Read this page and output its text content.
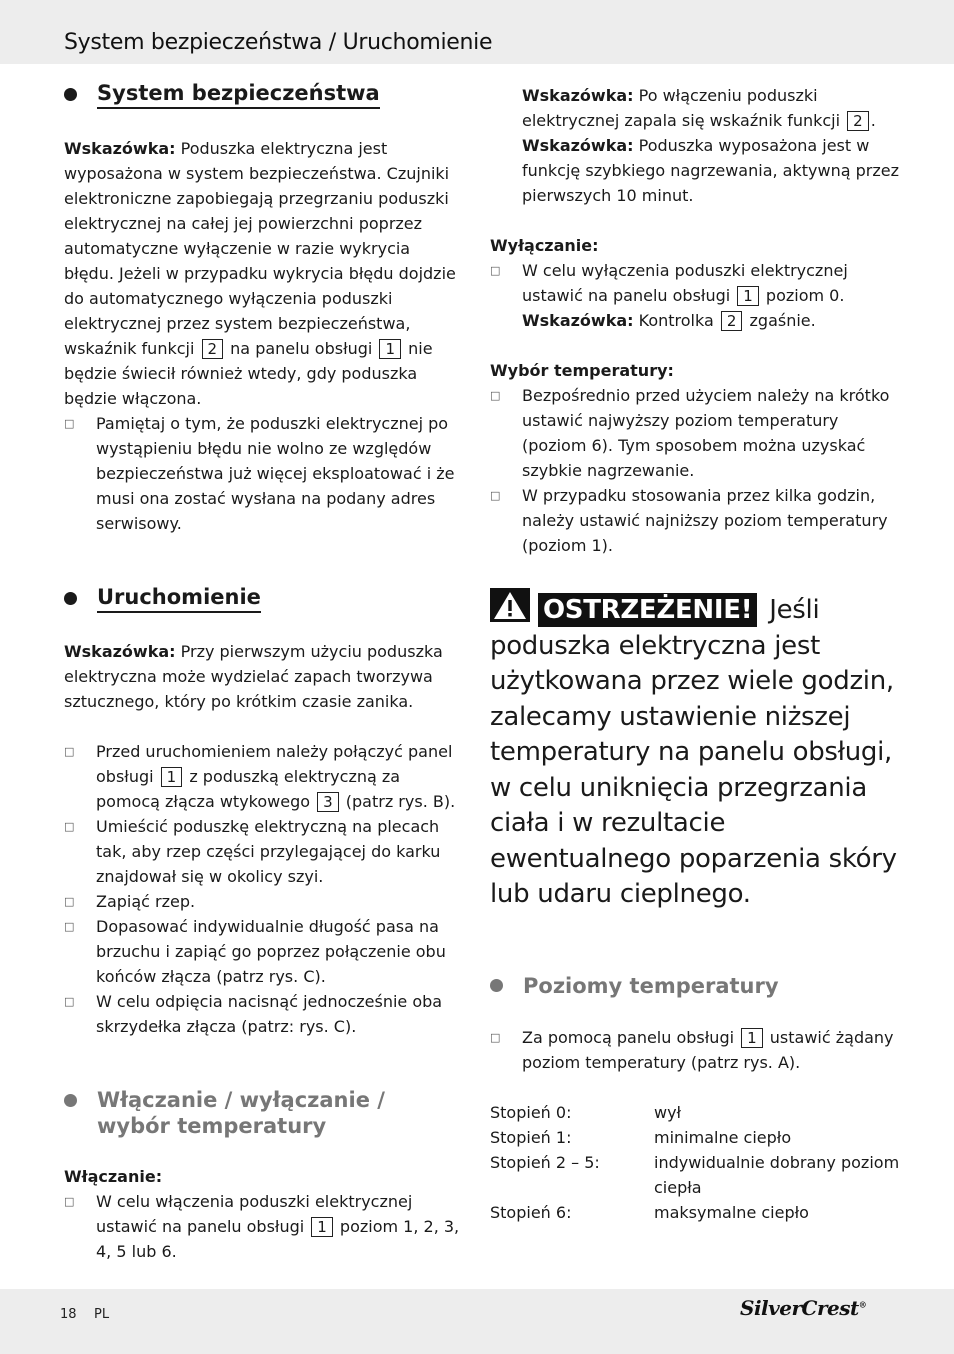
System bezpieczeństwa / Uruchomienie
System bezpieczeństwa

Wskazówka: Poduszka elektryczna jest wyposażona w system bezpieczeństwa. Czujniki elektroniczne zapobiegają przegrzaniu poduszki elektrycznej na całej jej powierzchni poprzez automatyczne wyłączenie w razie wykrycia błędu. Jeżeli w przypadku wykrycia błędu dojdzie do automatycznego wyłączenia poduszki elektrycznej przez system bezpieczeństwa, wskaźnik funkcji 2 na panelu obsługi 1 nie będzie świecił również wtedy, gdy poduszka będzie włączona.

□	Pamiętaj o tym, że poduszki elektrycznej po wystąpieniu błędu nie wolno ze względów bezpieczeństwa już więcej eksploatować i że musi ona zostać wysłana na podany adres serwisowy.
Uruchomienie

Wskazówka: Przy pierwszym użyciu poduszka elektryczna może wydzielać zapach tworzywa sztucznego, który po krótkim czasie zanika.

□	Przed uruchomieniem należy połączyć panel obsługi 1 z poduszką elektryczną za pomocą złącza wtykowego 3 (patrz rys. B).
□	Umieścić poduszkę elektryczną na plecach tak, aby rzep części przylegającej do karku znajdował się w okolicy szyi.
□	Zapiąć rzep.
□	Dopasować indywidualnie długość pasa na brzuchu i zapiąć go poprzez połączenie obu końców złącza (patrz rys. C).
□	W celu odpięcia nacisnąć jednocześnie oba skrzydełka złącza (patrz: rys. C).
Włączanie / wyłączanie /
wybór temperatury

Włączanie:

□	W celu włączenia poduszki elektrycznej ustawić na panelu obsługi 1 poziom 1, 2, 3, 4, 5 lub 6.

Wskazówka: Po włączeniu poduszki elektrycznej zapala się wskaźnik funkcji 2 .

Wskazówka: Poduszka wyposażona jest w funkcję szybkiego nagrzewania, aktywną przez pierwszych 10 minut.

Wyłączanie:

□	W celu wyłączenia poduszki elektrycznej ustawić na panelu obsługi 1 poziom 0.
Wskazówka: Kontrolka 2 zgaśnie.

Wybór temperatury:

□	Bezpośrednio przed użyciem należy na krótko ustawić najwyższy poziom temperatury (poziom 6). Tym sposobem można uzyskać szybkie nagrzewanie.
□	W przypadku stosowania przez kilka godzin, należy ustawić najniższy poziom temperatury (poziom 1).
OSTRZEŻENIE! Jeśli poduszka elektryczna jest użytkowana przez wiele godzin, zalecamy ustawienie niższej temperatury na panelu obsługi, w celu uniknięcia przegrzania ciała i w rezultacie ewentualnego poparzenia skóry lub udaru cieplnego.
Poziomy temperatury
□	Za pomocą panelu obsługi 1 ustawić żądany poziom temperatury (patrz rys. A).
Stopień 0:	wył
Stopień 1:	minimalne ciepło
Stopień 2 – 5:	indywidualnie dobrany poziom ciepła
Stopień 6:	maksymalne ciepło
18 PL	SilverCrest®
